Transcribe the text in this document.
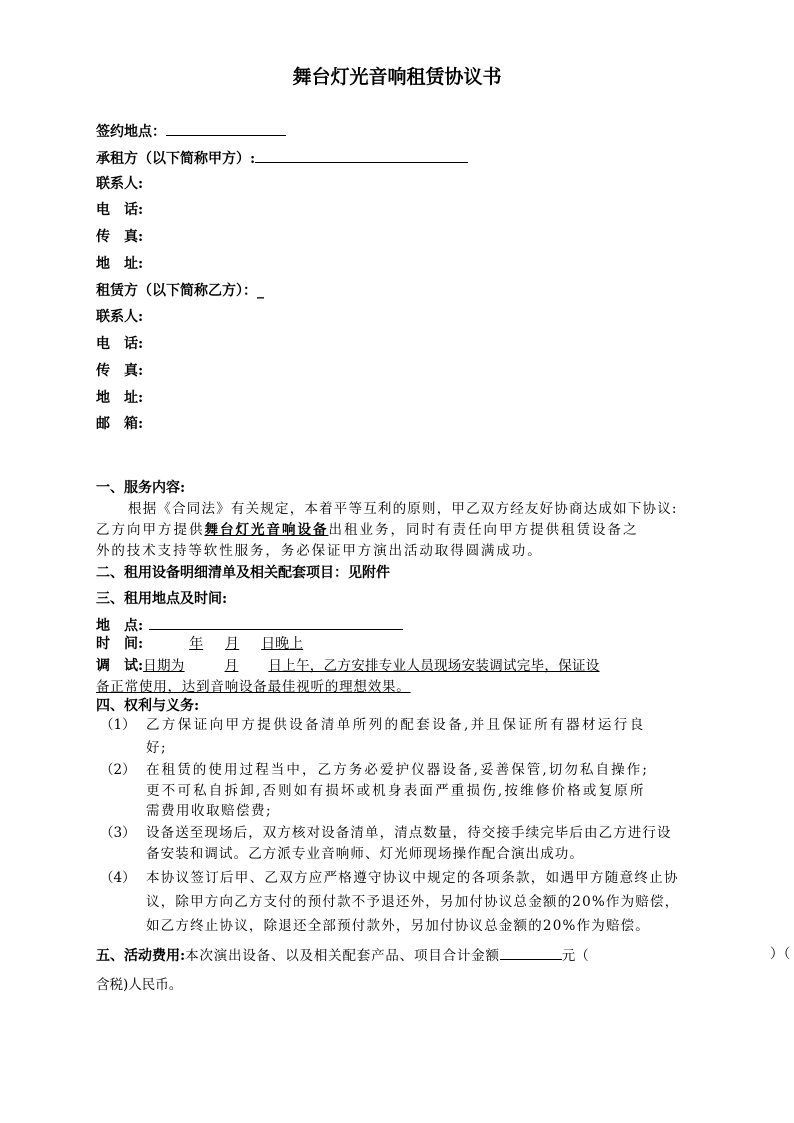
舞台灯光音响租赁协议书
签约地点：
承租方（以下简称甲方）:
联系人:
电　话:
传　真:
地　址:
租赁方（以下简称乙方）：_
联系人:
电　话:
传　真:
地　址:
邮　箱:
一、服务内容:
根据《合同法》有关规定，本着平等互利的原则，甲乙双方经友好协商达成如下协议:
乙方向甲方提供舞台灯光音响设备出租业务，同时有责任向甲方提供租赁设备之
外的技术支持等软性服务，务必保证甲方演出活动取得圆满成功。
二、租用设备明细清单及相关配套项目：见附件
三、租用地点及时间:
地　点:
时　间:	年 月 日晚上
调　试:日期为	月 日上午，乙方安排专业人员现场安装调试完毕，保证设
备正常使用，达到音响设备最佳视听的理想效果。
四、权利与义务:
（1） 乙方保证向甲方提供设备清单所列的配套设备,并且保证所有器材运行良
好;
（2） 在租赁的使用过程当中，乙方务必爱护仪器设备,妥善保管,切勿私自操作;
更不可私自拆卸,否则如有损坏或机身表面严重损伤,按维修价格或复原所
需费用收取赔偿费;
（3） 设备送至现场后，双方核对设备清单，清点数量，待交接手续完毕后由乙方进行设
备安装和调试。乙方派专业音响师、灯光师现场操作配合演出成功。
（4） 本协议签订后甲、乙双方应严格遵守协议中规定的各项条款，如遇甲方随意终止协
议，除甲方向乙方支付的预付款不予退还外，另加付协议总金额的20%作为赔偿，
如乙方终止协议，除退还全部预付款外，另加付协议总金额的20%作为赔偿。
五、活动费用:本次演出设备、以及相关配套产品、项目合计金额	元（	）（
含税)人民币。
